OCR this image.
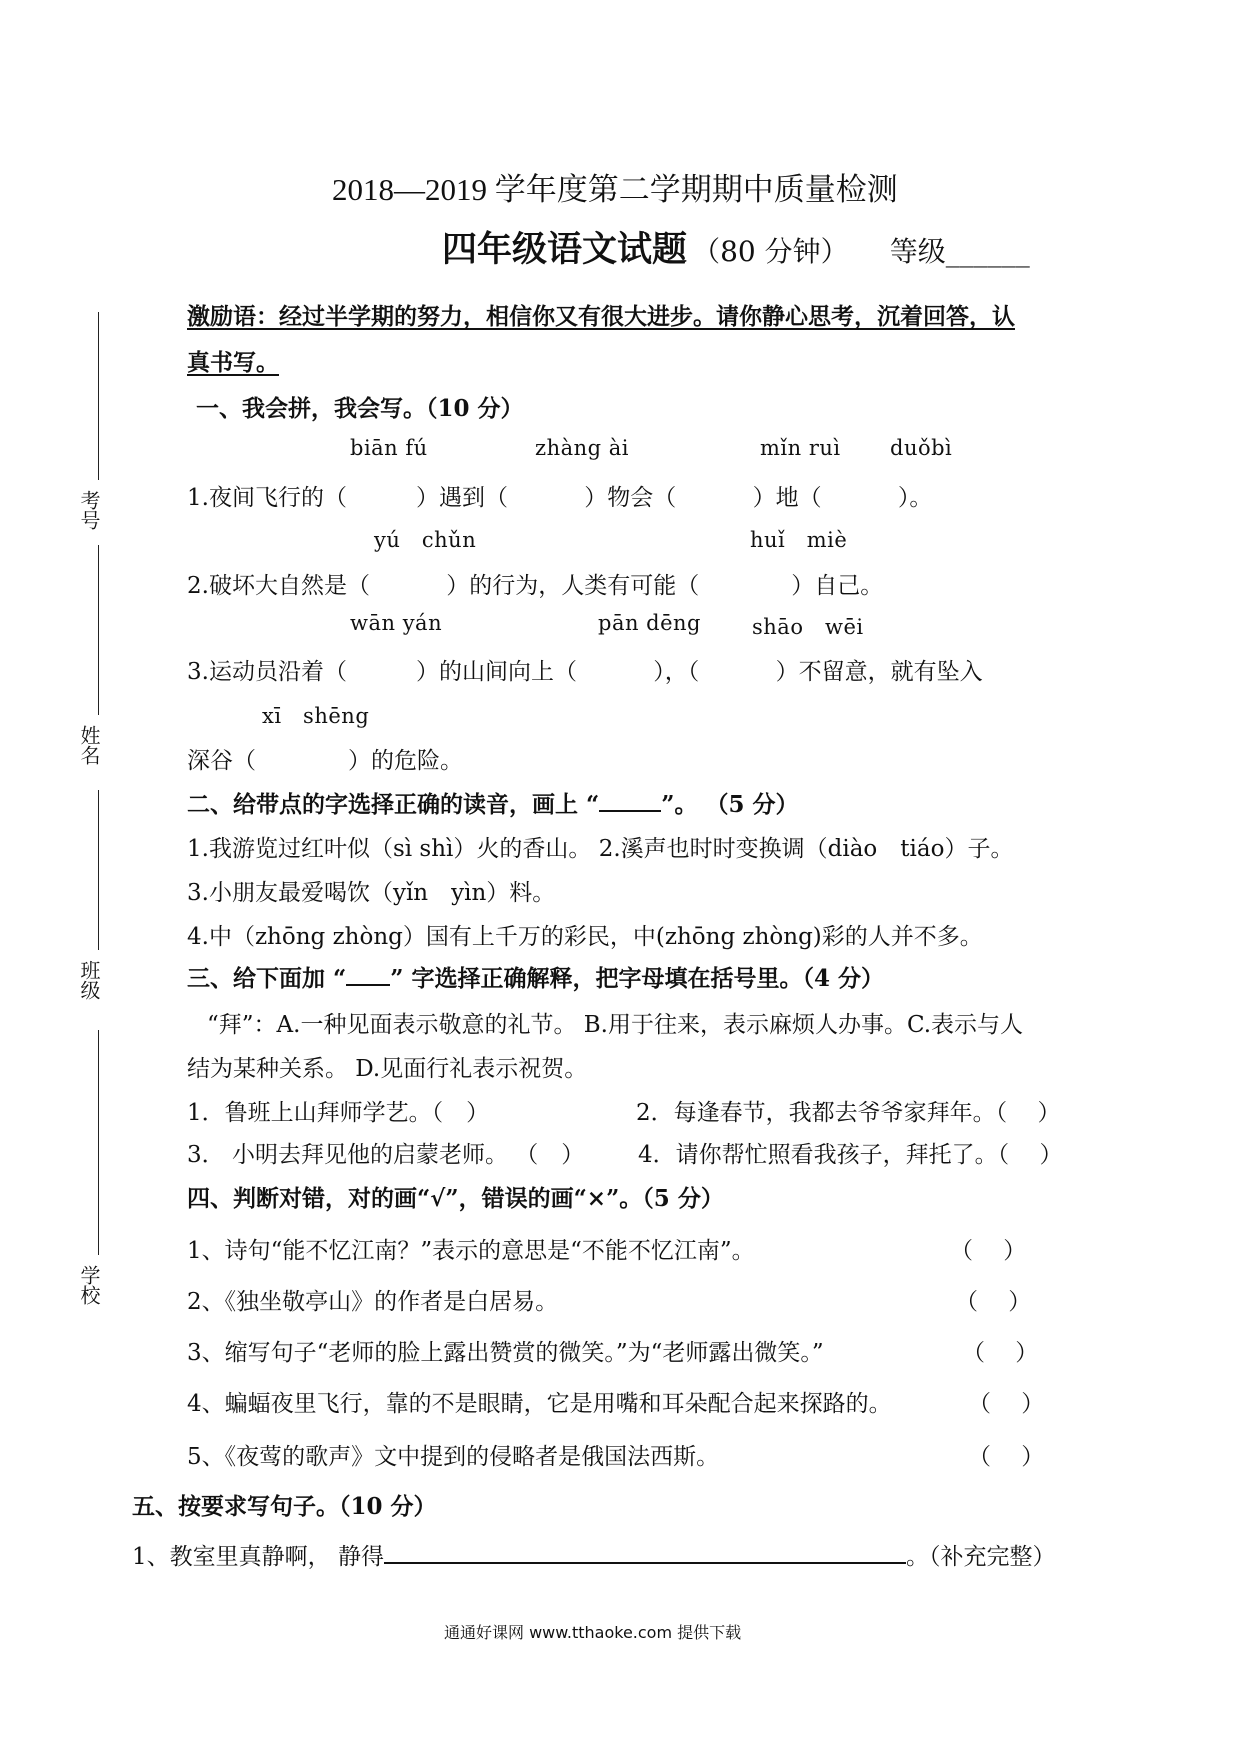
考号
姓名
班级
学校
2018—2019 学年度第二学期期中质量检测
四年级语文试题 （80 分钟） 等级______
激励语：经过半学期的努力，相信你又有很大进步。请你静心思考，沉着回答，认
真书写。
一、我会拼，我会写。（10 分）
biān fú	zhàng ài	mǐn ruì duǒbì
1.夜间飞行的（　　　）遇到（　　　 ）物会（　　　 ）地（　　　 ）。
yú　chǔn	huǐ　miè
2.破坏大自然是（　　　 ）的行为，人类有可能（　　　　）自己。
wān yán	pān dēng shāo　wēi
3.运动员沿着（　　　）的山间向上（　　　 ），（　　　 ）不留意，就有坠入
xī　shēng
深谷（　　　　）的危险。
二、给带点的字选择正确的读音，画上 “	”。 （5 分）
1.我游览过红叶似（sì shì）火的香山。 2.溪声也时时变换调（diào　tiáo）子。
3.小朋友最爱喝饮（yǐn　yìn）料。
4.中（zhōng zhòng）国有上千万的彩民，中(zhōng zhòng)彩的人并不多。
三、给下面加 “ ” 字选择正确解释，把字母填在括号里。（4 分）
“拜”：A.一种见面表示敬意的礼节。 B.用于往来，表示麻烦人办事。C.表示与人
结为某种关系。 D.见面行礼表示祝贺。
1．鲁班上山拜师学艺。（　）	2．每逢春节，我都去爷爷家拜年。（　 ）
3． 小明去拜见他的启蒙老师。 （　） 4．请你帮忙照看我孩子，拜托了。（　 ）
四、判断对错，对的画“√”，错误的画“×”。（5 分）
1、诗句“能不忆江南？”表示的意思是“不能不忆江南”。	（　 ）
2、《独坐敬亭山》的作者是白居易。	（　 ）
3、缩写句子“老师的脸上露出赞赏的微笑。”为“老师露出微笑。”	（　 ）
4、蝙蝠夜里飞行，靠的不是眼睛，它是用嘴和耳朵配合起来探路的。	（　 ）
5、《夜莺的歌声》文中提到的侵略者是俄国法西斯。	（　 ）
五、按要求写句子。（10 分）
1、教室里真静啊， 静得	。（补充完整）
通通好课网 www.tthaoke.com 提供下载
